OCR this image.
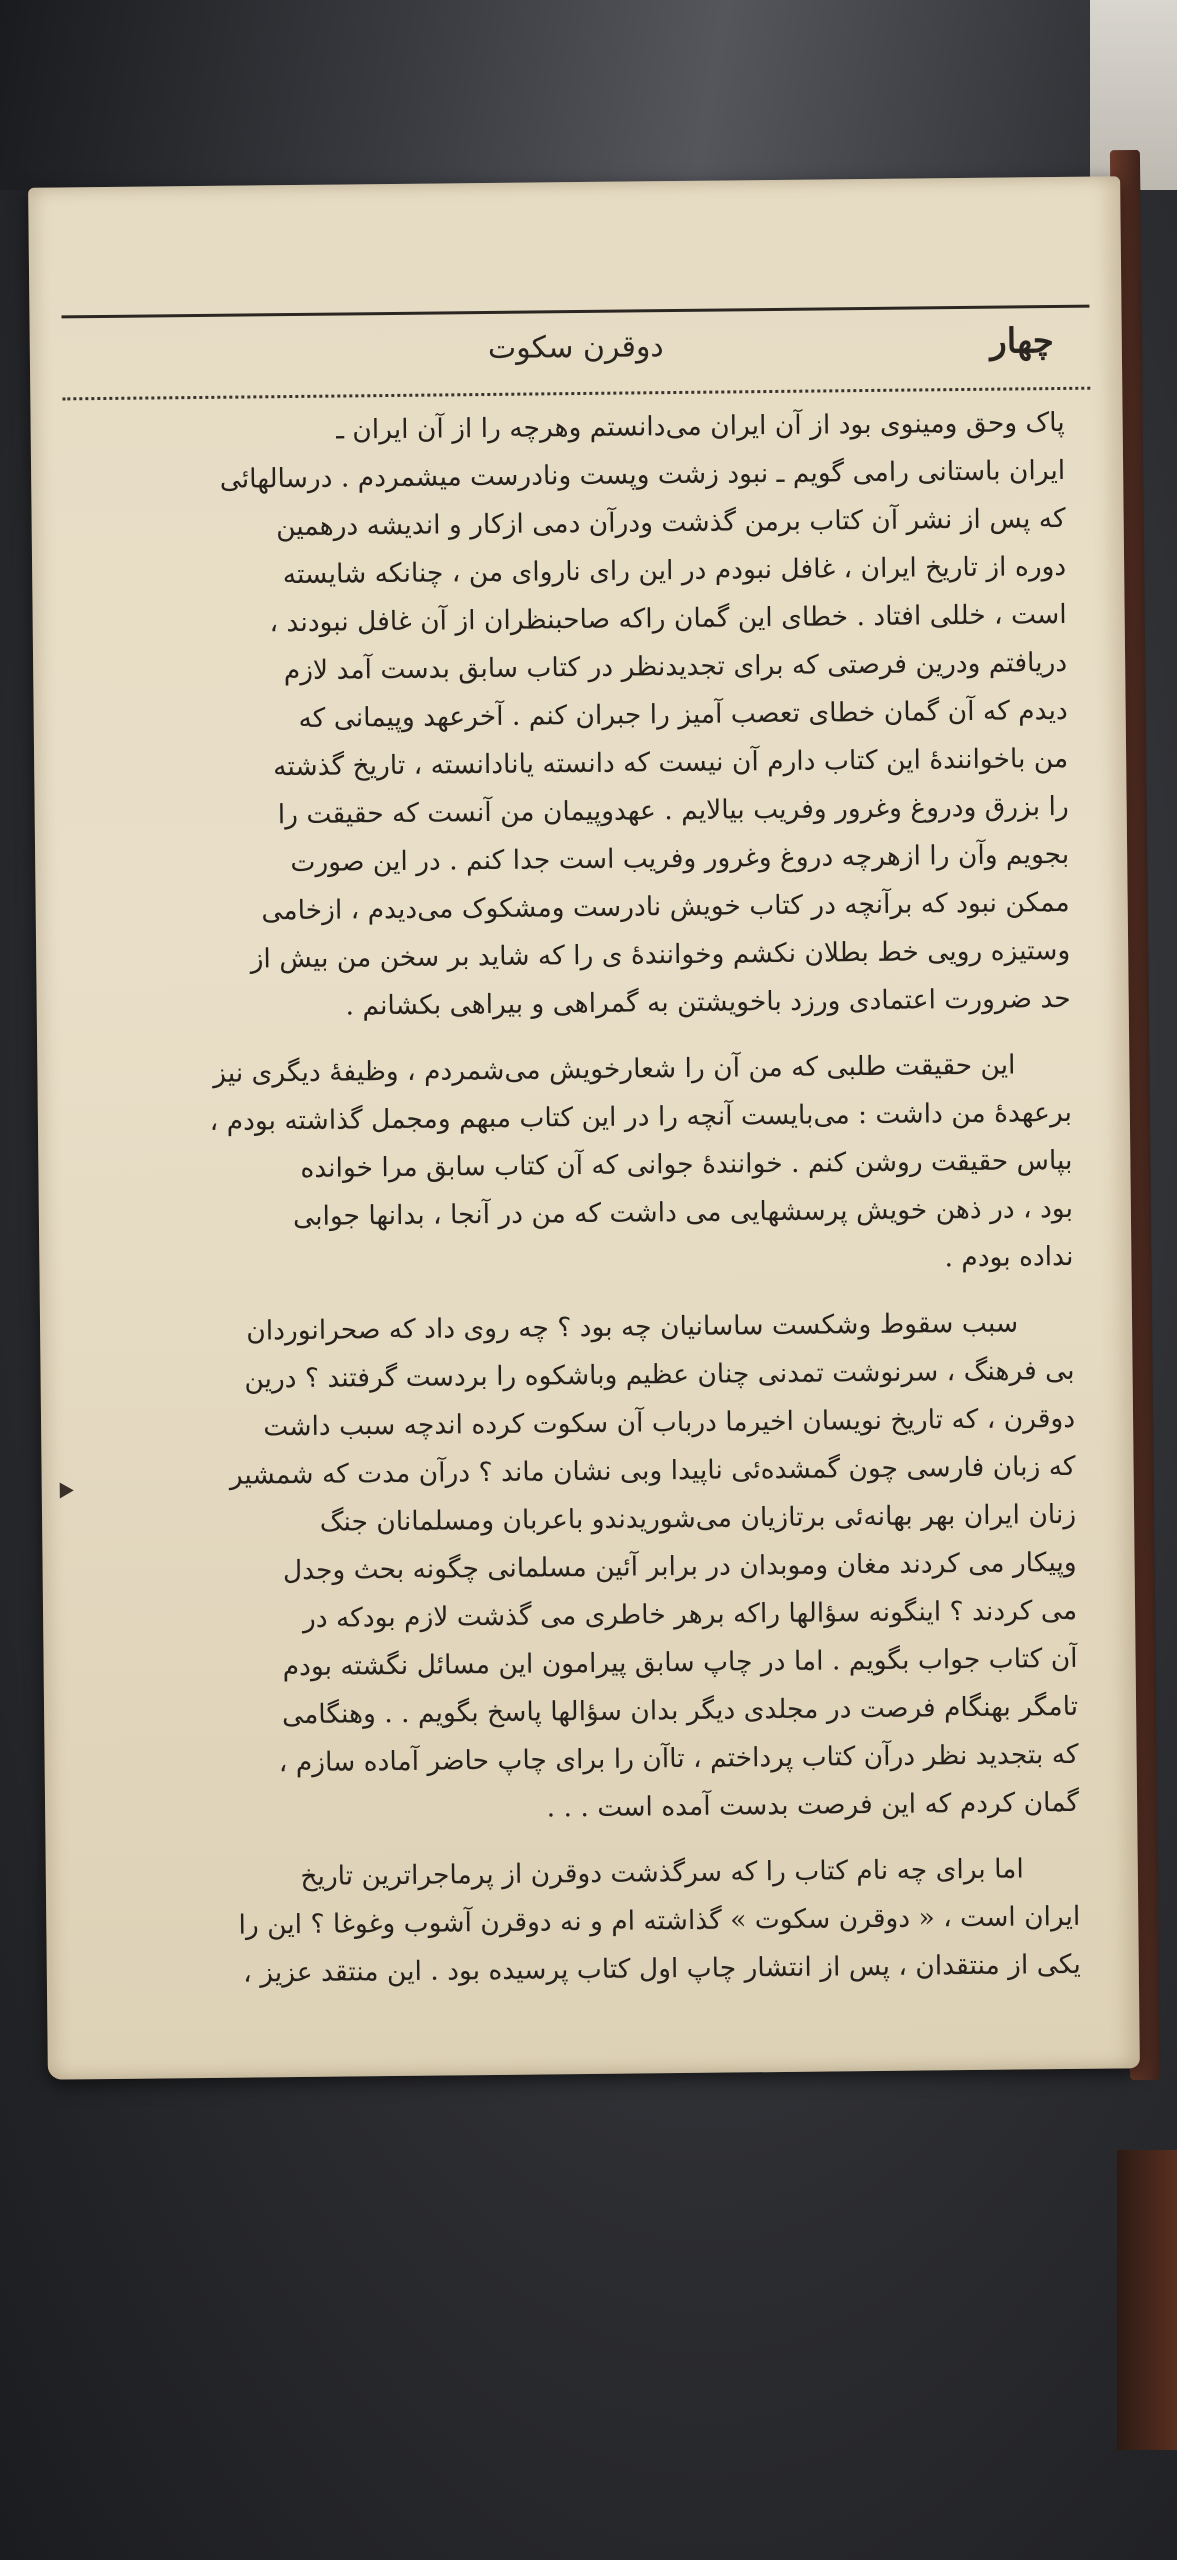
چهار
دوقرن سکوت
پاک وحق ومینوی بود از آن ایران می‌دانستم وهرچه را از آن ایران ـ
ایران باستانی رامی گویم ـ نبود زشت وپست ونادرست میشمردم . درسالهائی
که پس از نشر آن کتاب برمن گذشت ودرآن دمی ازکار و اندیشه درهمین
دوره از تاریخ ایران ، غافل نبودم در این رای ناروای من ، چنانکه شایسته
است ، خللی افتاد . خطای این گمان راکه صاحبنظران از آن غافل نبودند ،
دریافتم ودرین فرصتی که برای تجدیدنظر در کتاب سابق بدست آمد لازم
دیدم که آن گمان خطای تعصب آمیز را جبران کنم . آخرعهد وپیمانی که
من باخوانندهٔ این کتاب دارم آن نیست که دانسته یانادانسته ، تاریخ گذشته
را بزرق ودروغ وغرور وفریب بیالایم . عهدوپیمان من آنست که حقیقت را
بجویم وآن را ازهرچه دروغ وغرور وفریب است جدا کنم . در این صورت
ممکن نبود که برآنچه در کتاب خویش نادرست ومشکوک می‌دیدم ، ازخامی
وستیزه رویی خط بطلان نکشم وخوانندهٔ ی را که شاید بر سخن من بیش از
حد ضرورت اعتمادی ورزد باخویشتن به گمراهی و بیراهی بکشانم .
این حقیقت طلبی که من آن را شعارخویش می‌شمردم ، وظیفهٔ دیگری نیز
برعهدهٔ من داشت : می‌بایست آنچه را در این کتاب مبهم ومجمل گذاشته بودم ،
بپاس حقیقت روشن کنم . خوانندهٔ جوانی که آن کتاب سابق مرا خوانده
بود ، در ذهن خویش پرسشهایی می داشت که من در آنجا ، بدانها جوابی
نداده بودم .
سبب سقوط وشکست ساسانیان چه بود ؟ چه روی داد که صحرانوردان
بی فرهنگ ، سرنوشت تمدنی چنان عظیم وباشکوه را بردست گرفتند ؟ درین
دوقرن ، که تاریخ نویسان اخیرما درباب آن سکوت کرده اندچه سبب داشت
که زبان فارسی چون گمشده‌ئی ناپیدا وبی نشان ماند ؟ درآن مدت که شمشیر
زنان ایران بهر بهانه‌ئی برتازیان می‌شوریدندو باعربان ومسلمانان جنگ
وپیکار می کردند مغان وموبدان در برابر آئین مسلمانی چگونه بحث وجدل
می کردند ؟ اینگونه سؤالها راکه برهر خاطری می گذشت لازم بودکه در
آن کتاب جواب بگویم . اما در چاپ سابق پیرامون این مسائل نگشته بودم
تامگر بهنگام فرصت در مجلدی دیگر بدان سؤالها پاسخ بگویم . . وهنگامی
که بتجدید نظر درآن کتاب پرداختم ، تاآن را برای چاپ حاضر آماده سازم ،
گمان کردم که این فرصت بدست آمده است . . .
اما برای چه نام کتاب را که سرگذشت دوقرن از پرماجراترین تاریخ
ایران است ، « دوقرن سکوت » گذاشته ام و نه دوقرن آشوب وغوغا ؟ این را
یکی از منتقدان ، پس از انتشار چاپ اول کتاب پرسیده بود . این منتقد عزیز ،
